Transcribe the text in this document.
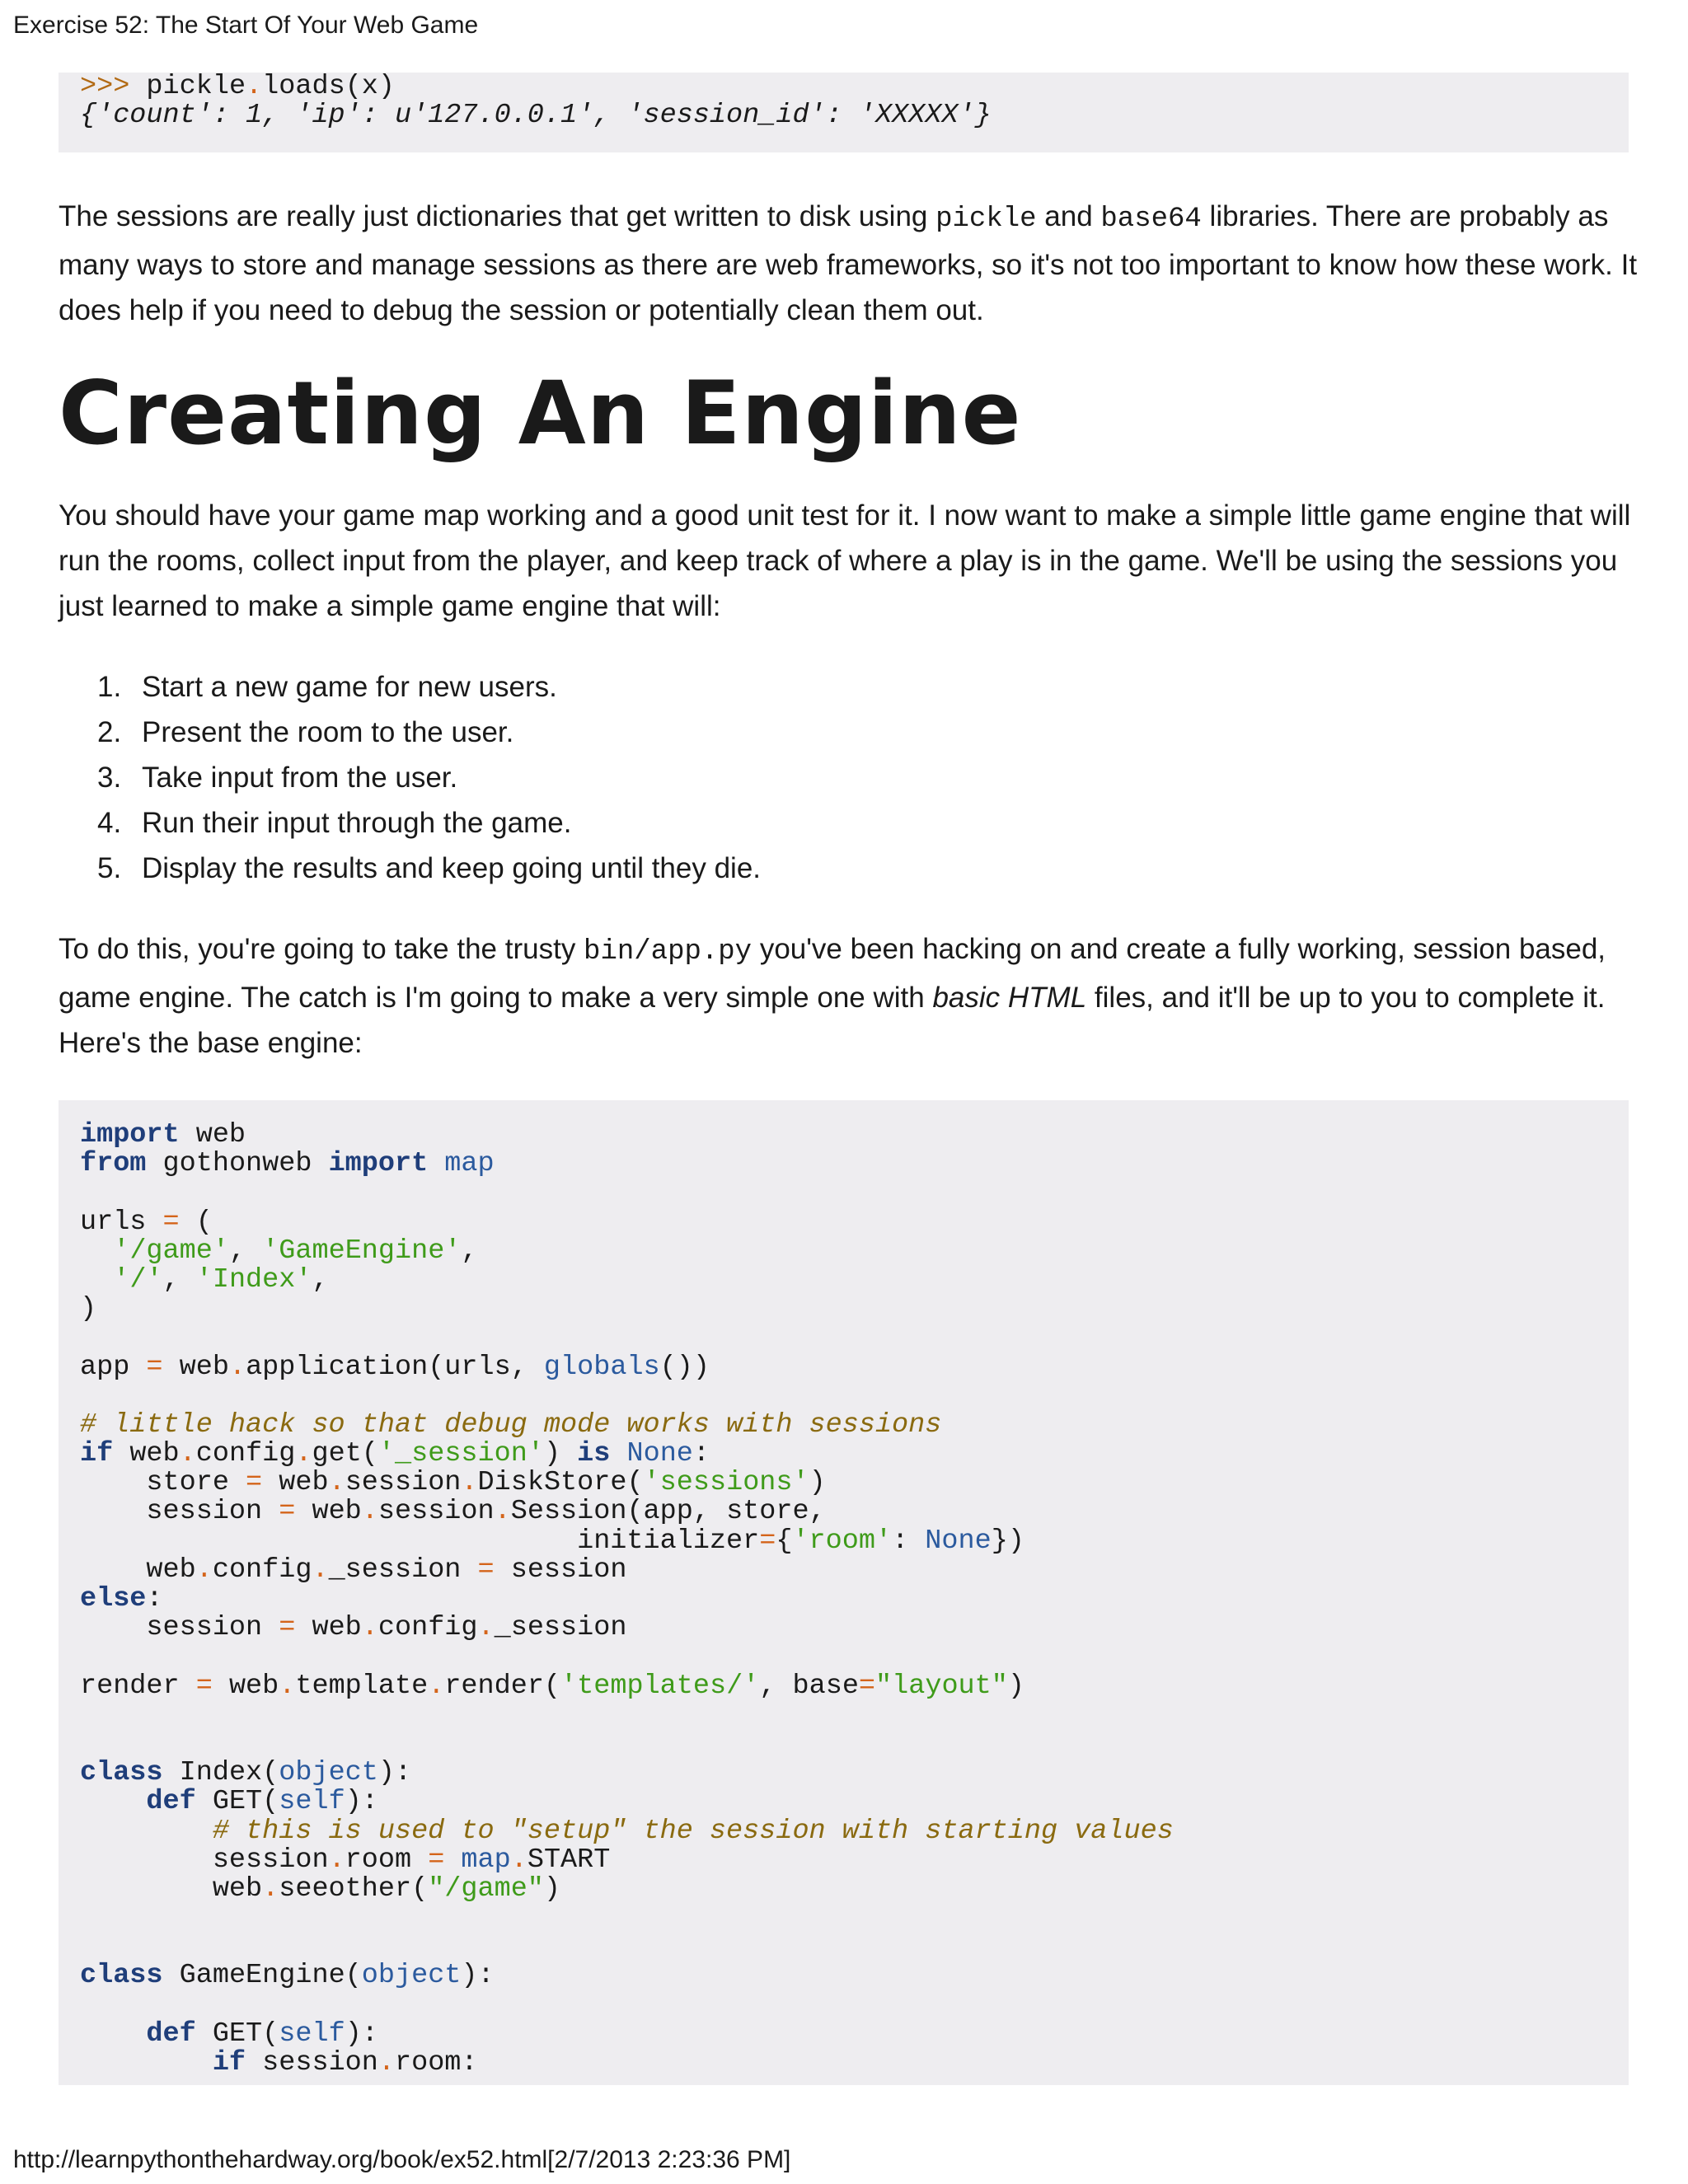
Exercise 52: The Start Of Your Web Game
>>> pickle.loads(x)
{'count': 1, 'ip': u'127.0.0.1', 'session_id': 'XXXXX'}

The sessions are really just dictionaries that get written to disk using pickle and base64 libraries. There are probably as many ways to store and manage sessions as there are web frameworks, so it's not too important to know how these work. It does help if you need to debug the session or potentially clean them out.

Creating An Engine

You should have your game map working and a good unit test for it. I now want to make a simple little game engine that will run the rooms, collect input from the player, and keep track of where a play is in the game. We'll be using the sessions you just learned to make a simple game engine that will:

1. Start a new game for new users.
2. Present the room to the user.
3. Take input from the user.
4. Run their input through the game.
5. Display the results and keep going until they die.

To do this, you're going to take the trusty bin/app.py you've been hacking on and create a fully working, session based, game engine. The catch is I'm going to make a very simple one with basic HTML files, and it'll be up to you to complete it. Here's the base engine:

import web
from gothonweb import map
urls = (
'/game', 'GameEngine',
'/', 'Index',
)
app = web.application(urls, globals())
# little hack so that debug mode works with sessions
if web.config.get('_session') is None:
store = web.session.DiskStore('sessions')
session = web.session.Session(app, store,
initializer={'room': None})
web.config._session = session
else:
session = web.config._session
render = web.template.render('templates/', base="layout")
class Index(object):
def GET(self):
# this is used to "setup" the session with starting values
session.room = map.START
web.seeother("/game")
class GameEngine(object):
def GET(self):
if session.room:
http://learnpythonthehardway.org/book/ex52.html[2/7/2013 2:23:36 PM]
